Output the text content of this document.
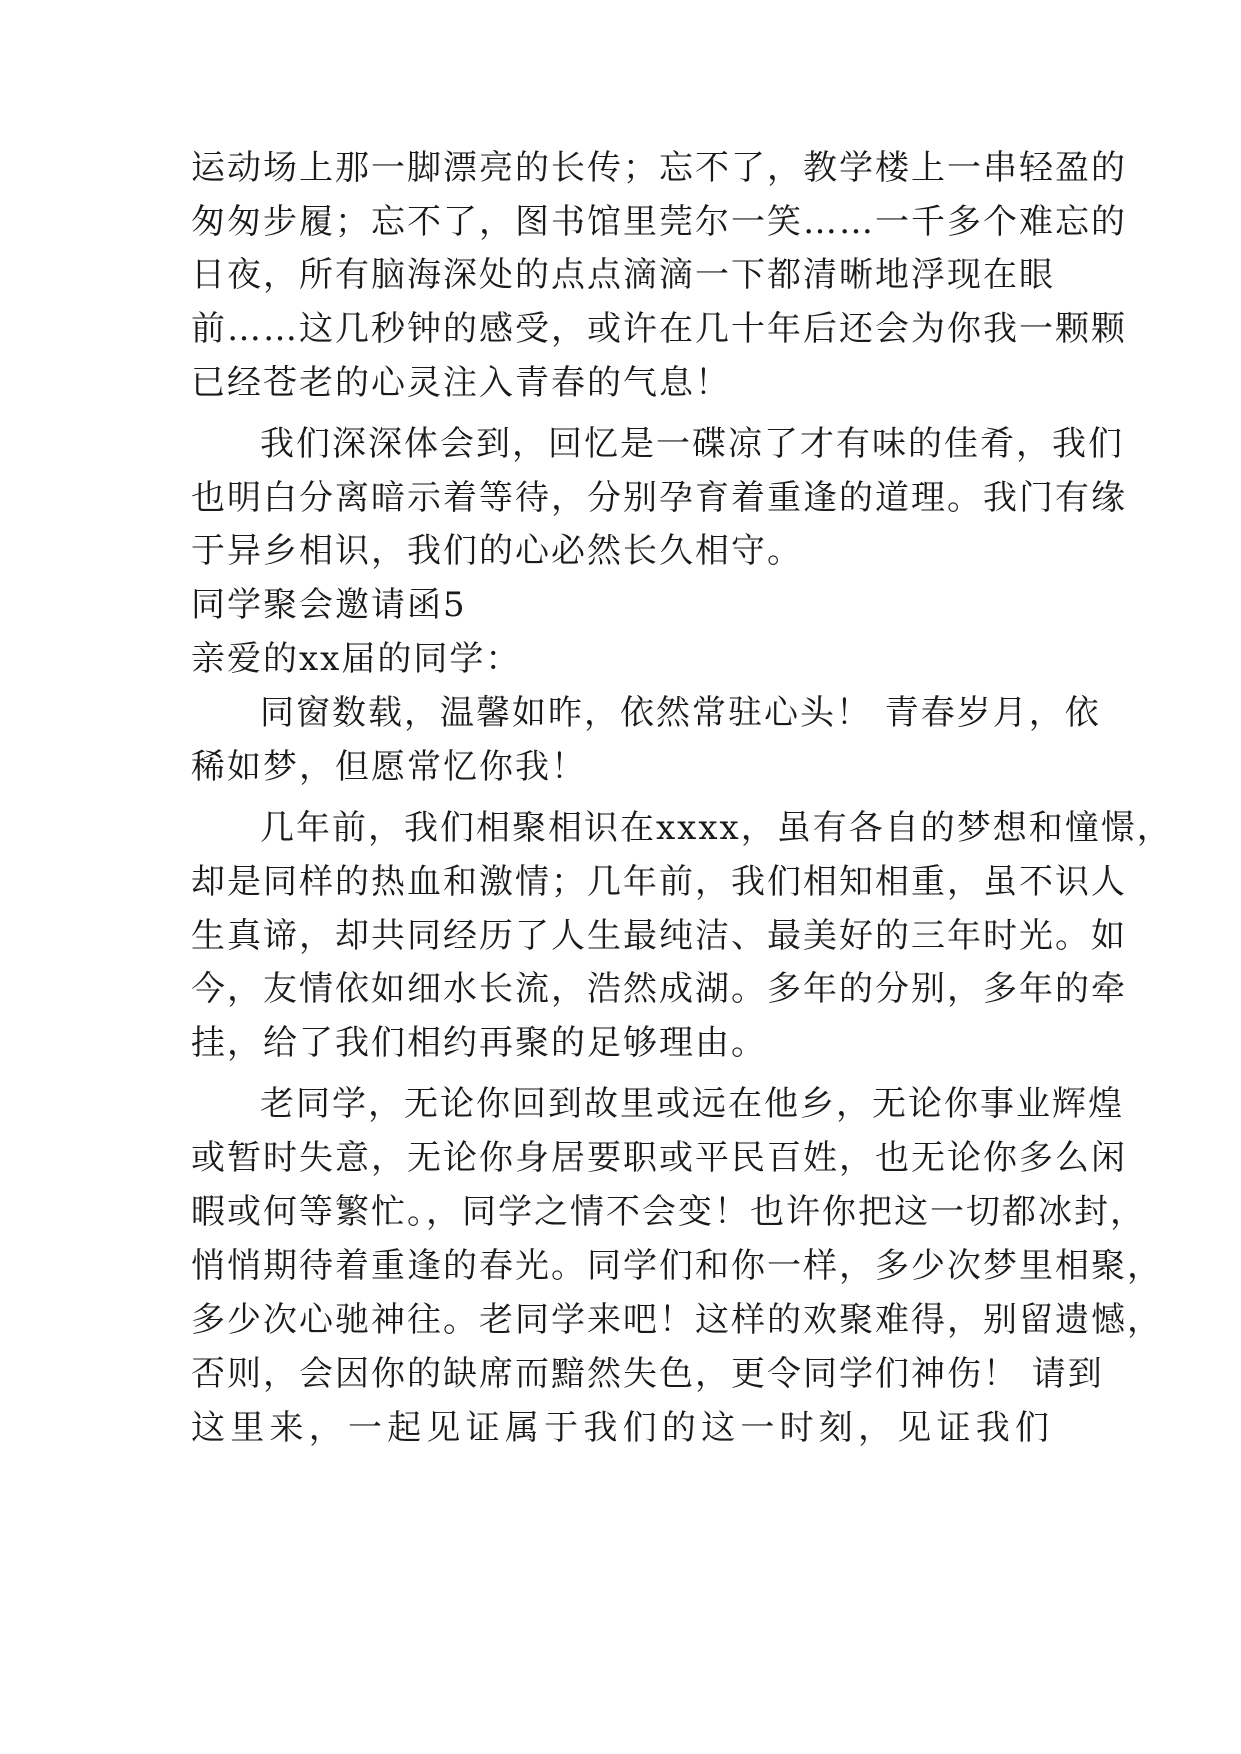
运动场上那一脚漂亮的长传；忘不了，教学楼上一串轻盈的
匆匆步履；忘不了，图书馆里莞尔一笑……一千多个难忘的
日夜，所有脑海深处的点点滴滴一下都清晰地浮现在眼
前……这几秒钟的感受，或许在几十年后还会为你我一颗颗
已经苍老的心灵注入青春的气息！
我们深深体会到，回忆是一碟凉了才有味的佳肴，我们
也明白分离暗示着等待，分别孕育着重逢的道理。我门有缘
于异乡相识，我们的心必然长久相守。
同学聚会邀请函5
亲爱的xx届的同学：
同窗数载，温馨如昨，依然常驻心头！ 青春岁月，依
稀如梦，但愿常忆你我！
几年前，我们相聚相识在xxxx，虽有各自的梦想和憧憬，
却是同样的热血和激情；几年前，我们相知相重，虽不识人
生真谛，却共同经历了人生最纯洁、最美好的三年时光。如
今，友情依如细水长流，浩然成湖。多年的分别，多年的牵
挂，给了我们相约再聚的足够理由。
老同学，无论你回到故里或远在他乡，无论你事业辉煌
或暂时失意，无论你身居要职或平民百姓，也无论你多么闲
暇或何等繁忙。，同学之情不会变！也许你把这一切都冰封，
悄悄期待着重逢的春光。同学们和你一样，多少次梦里相聚，
多少次心驰神往。老同学来吧！这样的欢聚难得，别留遗憾，
否则，会因你的缺席而黯然失色，更令同学们神伤！ 请到
这里来，一起见证属于我们的这一时刻，见证我们
